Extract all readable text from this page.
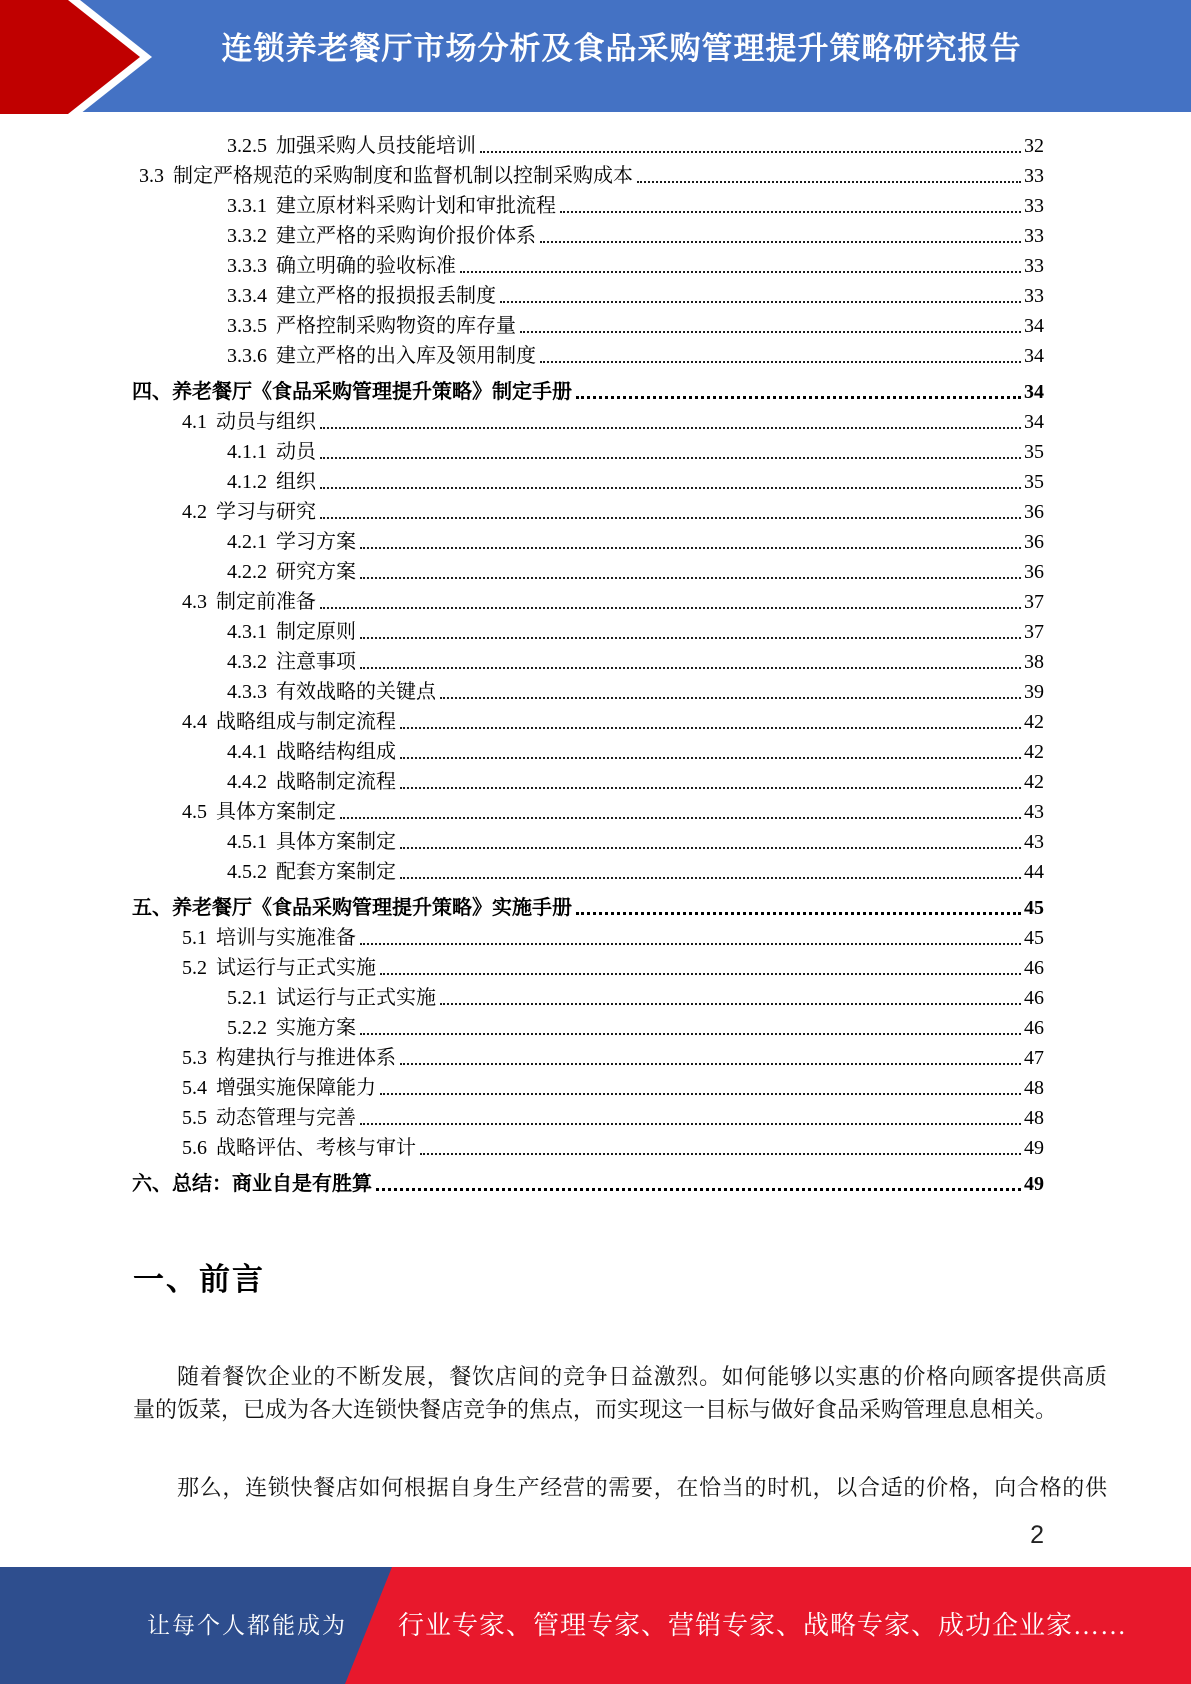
连锁养老餐厅市场分析及食品采购管理提升策略研究报告
3.2.5 加强采购人员技能培训	32
3.3 制定严格规范的采购制度和监督机制以控制采购成本	33
3.3.1 建立原材料采购计划和审批流程	33
3.3.2 建立严格的采购询价报价体系	33
3.3.3 确立明确的验收标准	33
3.3.4 建立严格的报损报丢制度	33
3.3.5 严格控制采购物资的库存量	34
3.3.6 建立严格的出入库及领用制度	34
四、 养老餐厅《食品采购管理提升策略》制定手册	34
4.1 动员与组织	34
4.1.1 动员	35
4.1.2 组织	35
4.2 学习与研究	36
4.2.1 学习方案	36
4.2.2 研究方案	36
4.3 制定前准备	37
4.3.1 制定原则	37
4.3.2 注意事项	38
4.3.3 有效战略的关键点	39
4.4 战略组成与制定流程	42
4.4.1 战略结构组成	42
4.4.2 战略制定流程	42
4.5 具体方案制定	43
4.5.1 具体方案制定	43
4.5.2 配套方案制定	44
五、 养老餐厅《食品采购管理提升策略》实施手册	45
5.1 培训与实施准备	45
5.2 试运行与正式实施	46
5.2.1 试运行与正式实施	46
5.2.2 实施方案	46
5.3 构建执行与推进体系	47
5.4 增强实施保障能力	48
5.5 动态管理与完善	48
5.6 战略评估、考核与审计	49
六、 总结：商业自是有胜算	49
一、前言
随着餐饮企业的不断发展，餐饮店间的竞争日益激烈。如何能够以实惠的价格向顾客提供高质
量的饭菜，已成为各大连锁快餐店竞争的焦点，而实现这一目标与做好食品采购管理息息相关。
那么，连锁快餐店如何根据自身生产经营的需要，在恰当的时机，以合适的价格，向合格的供
2
让每个人都能成为 行业专家、管理专家、营销专家、战略专家、成功企业家……
